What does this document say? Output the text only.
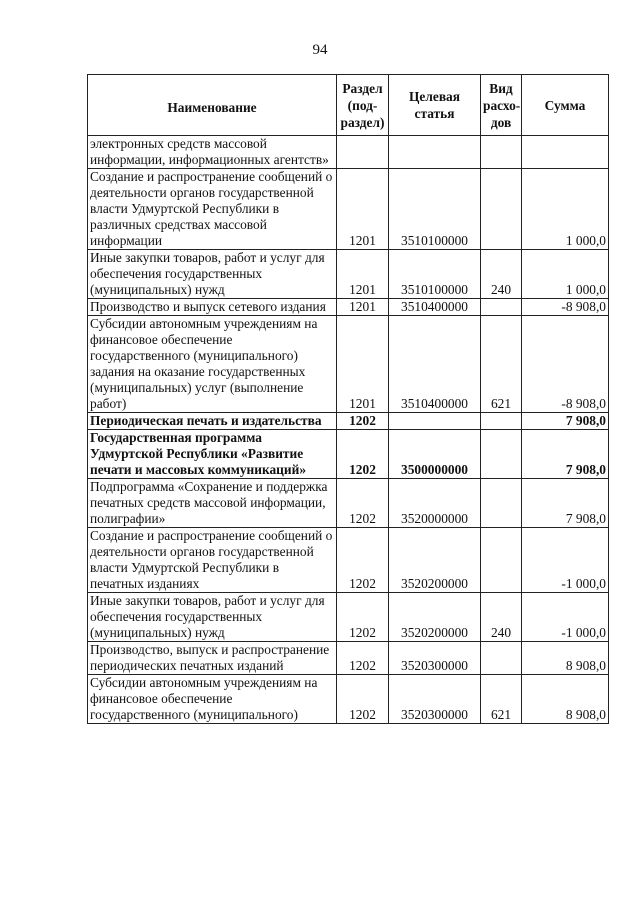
94
Наименование	Раздел (под-раздел)	Целевая статья	Вид расхо-дов	Сумма
электронных средств массовой информации, информационных агентств»				
Создание и распространение сообщений о деятельности органов государственной власти Удмуртской Республики в различных средствах массовой информации	1201	3510100000		1 000,0
Иные закупки товаров, работ и услуг для обеспечения государственных (муниципальных) нужд	1201	3510100000	240	1 000,0
Производство и выпуск сетевого издания	1201	3510400000		-8 908,0
Субсидии автономным учреждениям на финансовое обеспечение государственного (муниципального) задания на оказание государственных (муниципальных) услуг (выполнение работ)	1201	3510400000	621	-8 908,0
Периодическая печать и издательства	1202			7 908,0
Государственная программа Удмуртской Республики «Развитие печати и массовых коммуникаций»	1202	3500000000		7 908,0
Подпрограмма «Сохранение и поддержка печатных средств массовой информации, полиграфии»	1202	3520000000		7 908,0
Создание и распространение сообщений о деятельности органов государственной власти Удмуртской Республики в печатных изданиях	1202	3520200000		-1 000,0
Иные закупки товаров, работ и услуг для обеспечения государственных (муниципальных) нужд	1202	3520200000	240	-1 000,0
Производство, выпуск и распространение периодических печатных изданий	1202	3520300000		8 908,0
Субсидии автономным учреждениям на финансовое обеспечение государственного (муниципального)	1202	3520300000	621	8 908,0
